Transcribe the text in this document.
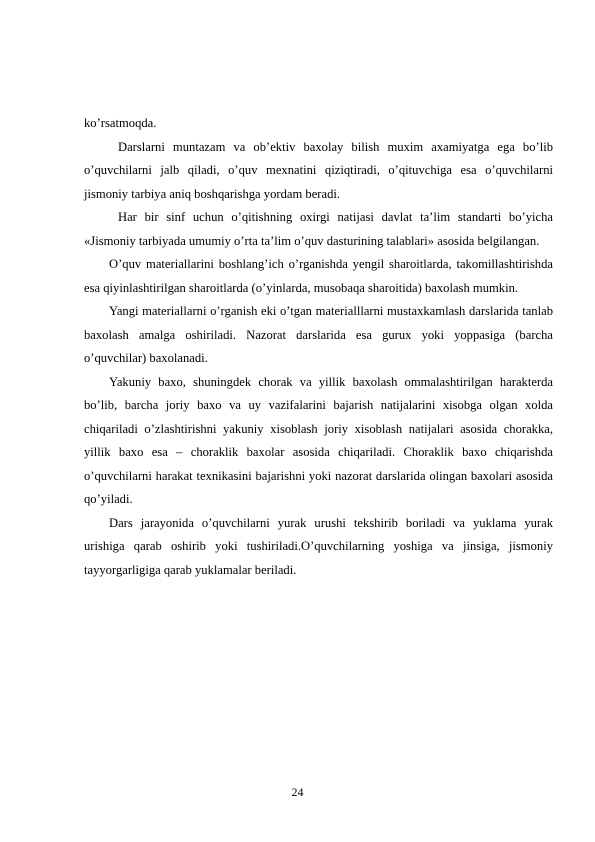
ko’rsatmoqda.

Darslarni muntazam va ob’ektiv baxolay bilish muxim axamiyatga ega bo’lib o’quvchilarni jalb qiladi, o’quv mexnatini qiziqtiradi, o’qituvchiga esa o’quvchilarni jismoniy tarbiya aniq boshqarishga yordam beradi.

Har bir sinf uchun o’qitishning oxirgi natijasi davlat ta’lim standarti bo’yicha «Jismoniy tarbiyada umumiy o’rta ta’lim o’quv dasturining talablari» asosida belgilangan.

O’quv materiallarini boshlang’ich o’rganishda yengil sharoitlarda, takomillashtirishda esa qiyinlashtirilgan sharoitlarda (o’yinlarda, musobaqa sharoitida) baxolash mumkin.

Yangi materiallarni o’rganish eki o’tgan materialllarni mustaxkamlash darslarida tanlab baxolash amalga oshiriladi. Nazorat darslarida esa gurux yoki yoppasiga (barcha o’quvchilar) baxolanadi.

Yakuniy baxo, shuningdek chorak va yillik baxolash ommalashtirilgan harakterda bo’lib, barcha joriy baxo va uy vazifalarini bajarish natijalarini xisobga olgan xolda chiqariladi o’zlashtirishni yakuniy xisoblash joriy xisoblash natijalari asosida chorakka, yillik baxo esa – choraklik baxolar asosida chiqariladi. Choraklik baxo chiqarishda o’quvchilarni harakat texnikasini bajarishni yoki nazorat darslarida olingan baxolari asosida qo’yiladi.

Dars jarayonida o’quvchilarni yurak urushi tekshirib boriladi va yuklama yurak urishiga qarab oshirib yoki tushiriladi.O’quvchilarning yoshiga va jinsiga, jismoniy tayyorgarligiga qarab yuklamalar beriladi.

24
